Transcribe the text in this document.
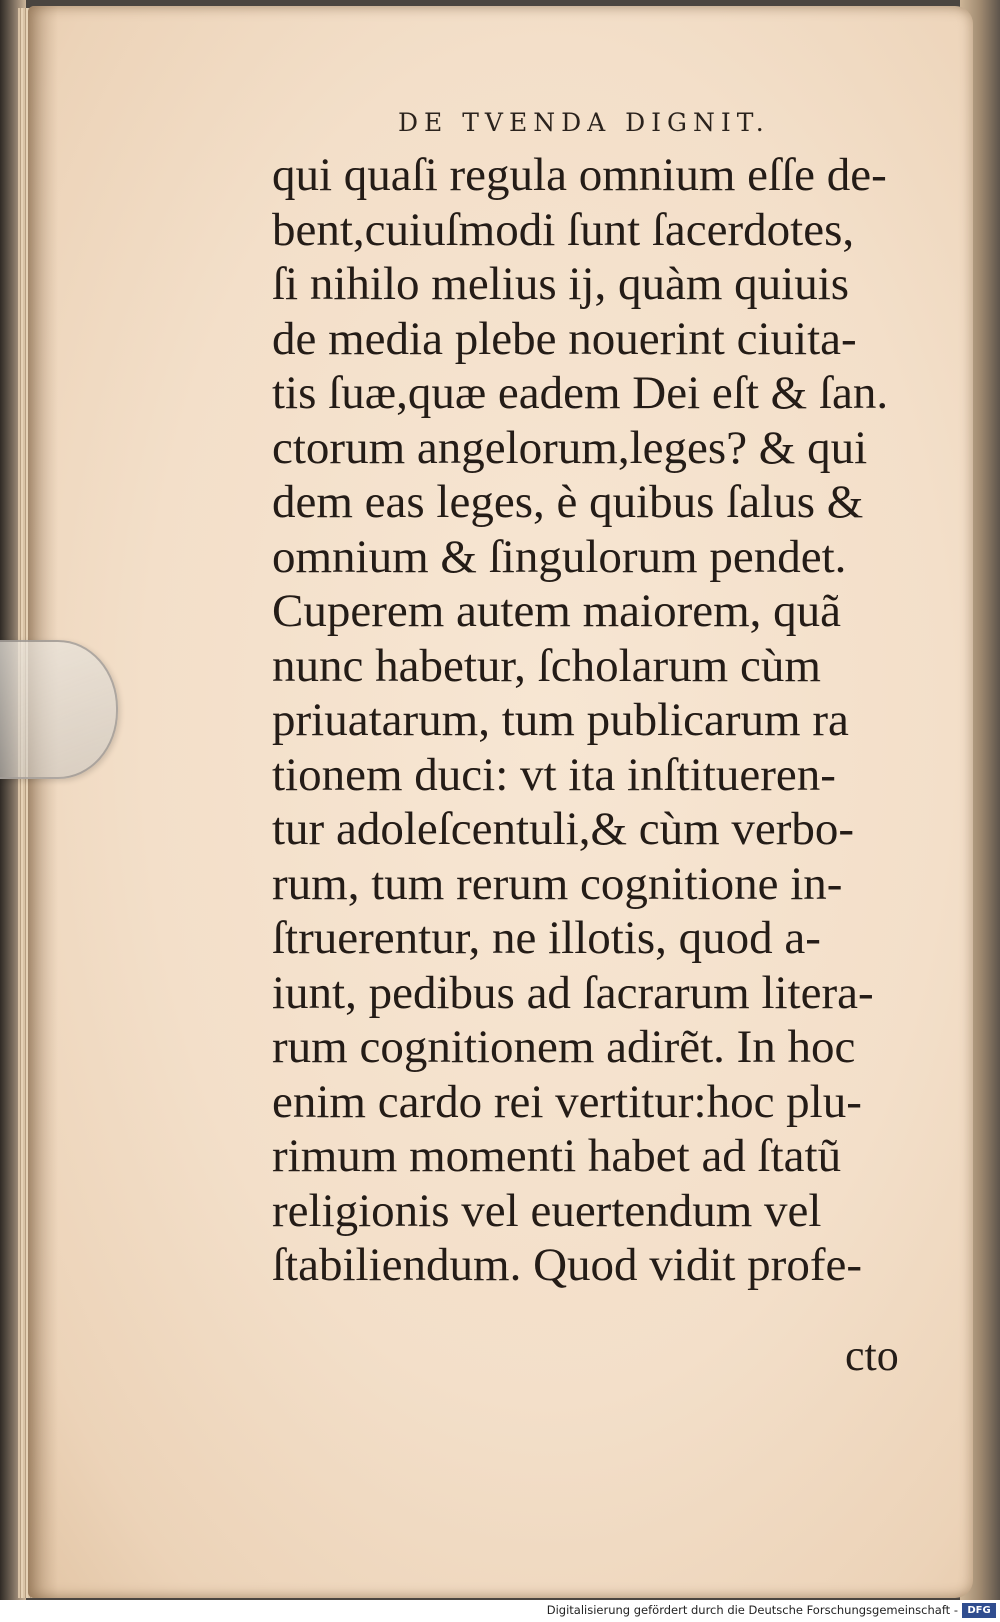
DE TVENDA DIGNIT.
qui quaſi regula omnium eſſe de-
bent,cuiuſmodi ſunt ſacerdotes,
ſi nihilo melius ij, quàm quiuis
de media plebe nouerint ciuita-
tis ſuæ,quæ eadem Dei eſt & ſan.
ctorum angelorum,leges? & qui
dem eas leges, è quibus ſalus &
omnium & ſingulorum pendet.
Cuperem autem maiorem, quã
nunc habetur, ſcholarum cùm
priuatarum, tum publicarum ra
tionem duci: vt ita inſtitueren-
tur adoleſcentuli,& cùm verbo-
rum, tum rerum cognitione in-
ſtruerentur, ne illotis, quod a-
iunt, pedibus ad ſacrarum litera-
rum cognitionem adirẽt. In hoc
enim cardo rei vertitur:hoc plu-
rimum momenti habet ad ſtatũ
religionis vel euertendum vel
ſtabiliendum. Quod vidit profe-
cto
Digitalisierung gefördert durch die Deutsche Forschungsgemeinschaft - DFG
